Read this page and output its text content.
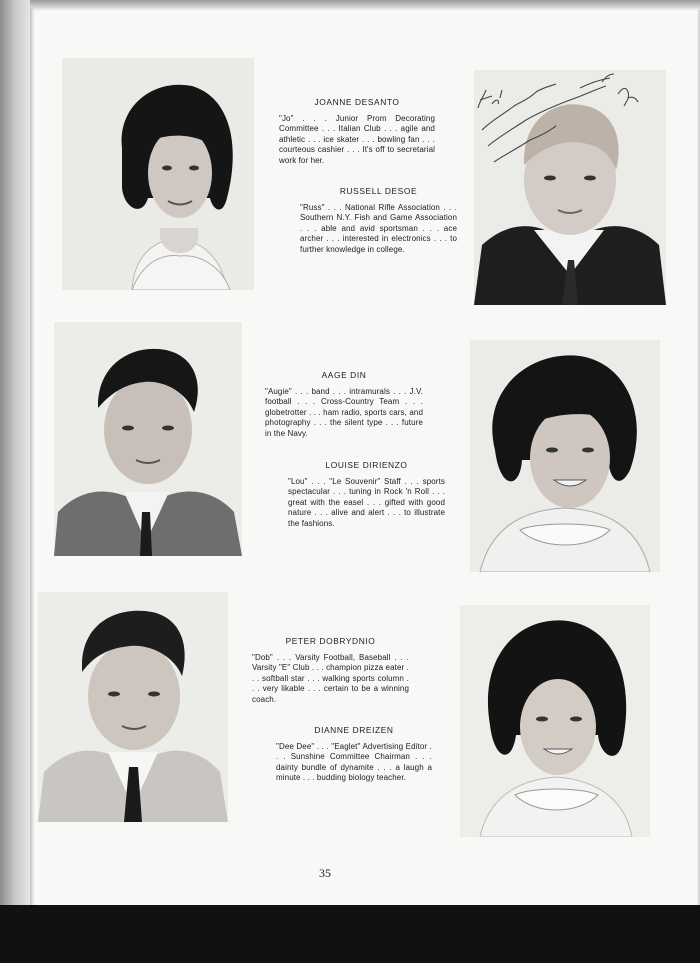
JOANNE DESANTO
"Jo" . . . Junior Prom Decorating Committee . . . Italian Club . . . agile and athletic . . . ice skater . . . bowling fan . . . courteous cashier . . . It's off to secretarial work for her.
RUSSELL DESOE
"Russ" . . . National Rifle Association . . . Southern N.Y. Fish and Game Association . . . able and avid sportsman . . . ace archer . . . interested in electronics . . . to further knowledge in college.
AAGE DIN
"Augie" . . . band . . . intramurals . . . J.V. football . . . Cross-Country Team . . . globetrotter . . . ham radio, sports cars, and photography . . . the silent type . . . future in the Navy.
LOUISE DIRIENZO
"Lou" . . . "Le Souvenir" Staff . . . sports spectacular . . . tuning in Rock 'n Roll . . . great with the easel . . . gifted with good nature . . . alive and alert . . . to illustrate the fashions.
PETER DOBRYDNIO
"Dob" . . . Varsity Football, Baseball . . . Varsity "E" Club . . . champion pizza eater . . . softball star . . . walking sports column . . . very likable . . . certain to be a winning coach.
DIANNE DREIZEN
"Dee Dee" . . . "Eaglet" Advertising Editor . . . Sunshine Committee Chairman . . . dainty bundle of dynamite . . . a laugh a minute . . . budding biology teacher.
35
